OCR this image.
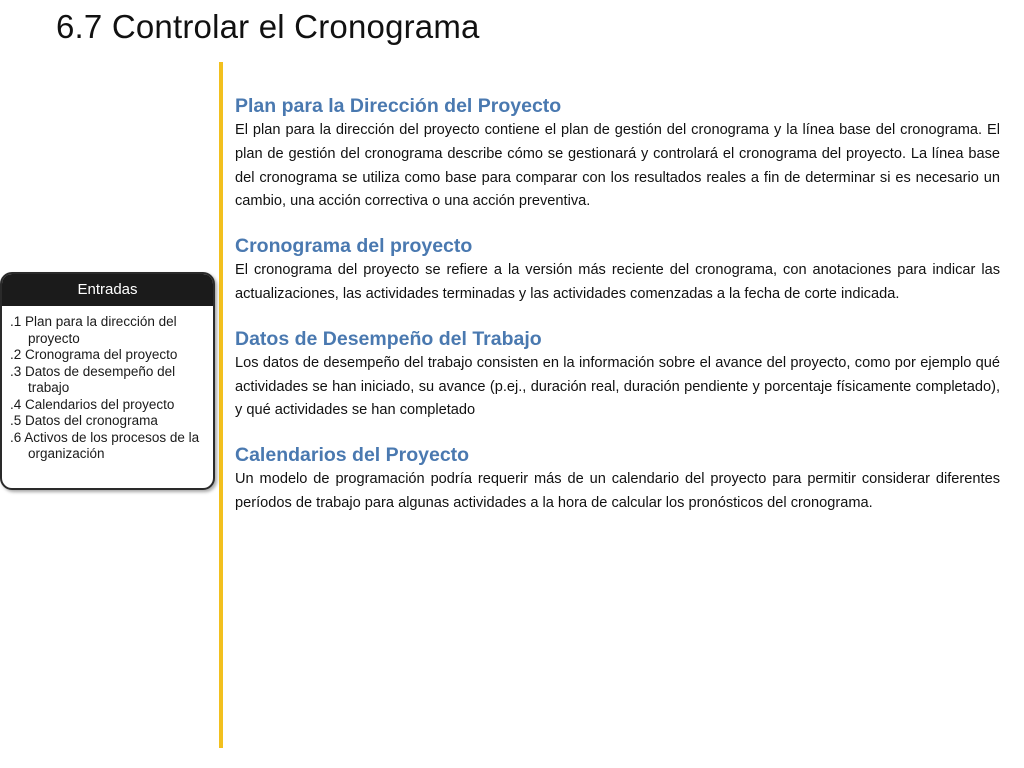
6.7 Controlar el Cronograma
Entradas
.1 Plan para la dirección del proyecto
.2 Cronograma del proyecto
.3 Datos de desempeño del trabajo
.4 Calendarios del proyecto
.5 Datos del cronograma
.6 Activos de los procesos de la organización
Plan para la Dirección del Proyecto

El plan para la dirección del proyecto contiene el plan de gestión del cronograma y la línea base del cronograma. El plan de gestión del cronograma describe cómo se gestionará y controlará el cronograma del proyecto. La línea base del cronograma se utiliza como base para comparar con los resultados reales a fin de determinar si es necesario un cambio, una acción correctiva o una acción preventiva.

Cronograma del proyecto

El cronograma del proyecto se refiere a la versión más reciente del cronograma, con anotaciones para indicar las actualizaciones, las actividades terminadas y las actividades comenzadas a la fecha de corte indicada.

Datos de Desempeño del Trabajo

Los datos de desempeño del trabajo consisten en la información sobre el avance del proyecto, como por ejemplo qué actividades se han iniciado, su avance (p.ej., duración real, duración pendiente y porcentaje físicamente completado), y qué actividades se han completado

Calendarios del Proyecto

Un modelo de programación podría requerir más de un calendario del proyecto para permitir considerar diferentes períodos de trabajo para algunas actividades a la hora de calcular los pronósticos del cronograma.
